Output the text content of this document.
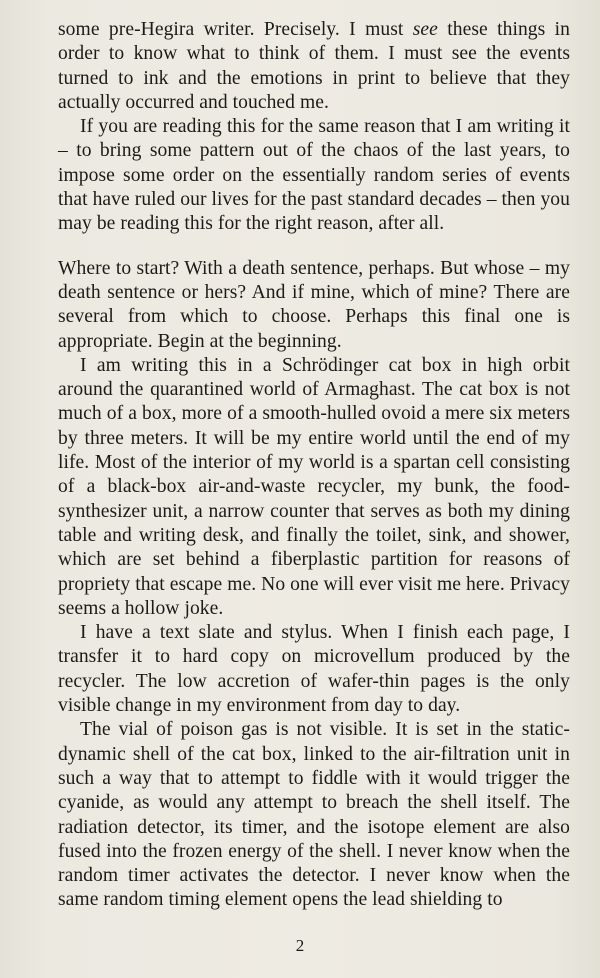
some pre-Hegira writer. Precisely. I must see these things in order to know what to think of them. I must see the events turned to ink and the emotions in print to believe that they actually occurred and touched me.

If you are reading this for the same reason that I am writing it – to bring some pattern out of the chaos of the last years, to impose some order on the essentially random series of events that have ruled our lives for the past standard decades – then you may be reading this for the right reason, after all.

Where to start? With a death sentence, perhaps. But whose – my death sentence or hers? And if mine, which of mine? There are several from which to choose. Perhaps this final one is appropriate. Begin at the beginning.

I am writing this in a Schrödinger cat box in high orbit around the quarantined world of Armaghast. The cat box is not much of a box, more of a smooth-hulled ovoid a mere six meters by three meters. It will be my entire world until the end of my life. Most of the interior of my world is a spartan cell consisting of a black-box air-and-waste recycler, my bunk, the food-synthesizer unit, a narrow counter that serves as both my dining table and writing desk, and finally the toilet, sink, and shower, which are set behind a fiberplastic partition for reasons of propriety that escape me. No one will ever visit me here. Privacy seems a hollow joke.

I have a text slate and stylus. When I finish each page, I transfer it to hard copy on microvellum produced by the recycler. The low accretion of wafer-thin pages is the only visible change in my environment from day to day.

The vial of poison gas is not visible. It is set in the static-dynamic shell of the cat box, linked to the air-filtration unit in such a way that to attempt to fiddle with it would trigger the cyanide, as would any attempt to breach the shell itself. The radiation detector, its timer, and the isotope element are also fused into the frozen energy of the shell. I never know when the random timer activates the detector. I never know when the same random timing element opens the lead shielding to

2
